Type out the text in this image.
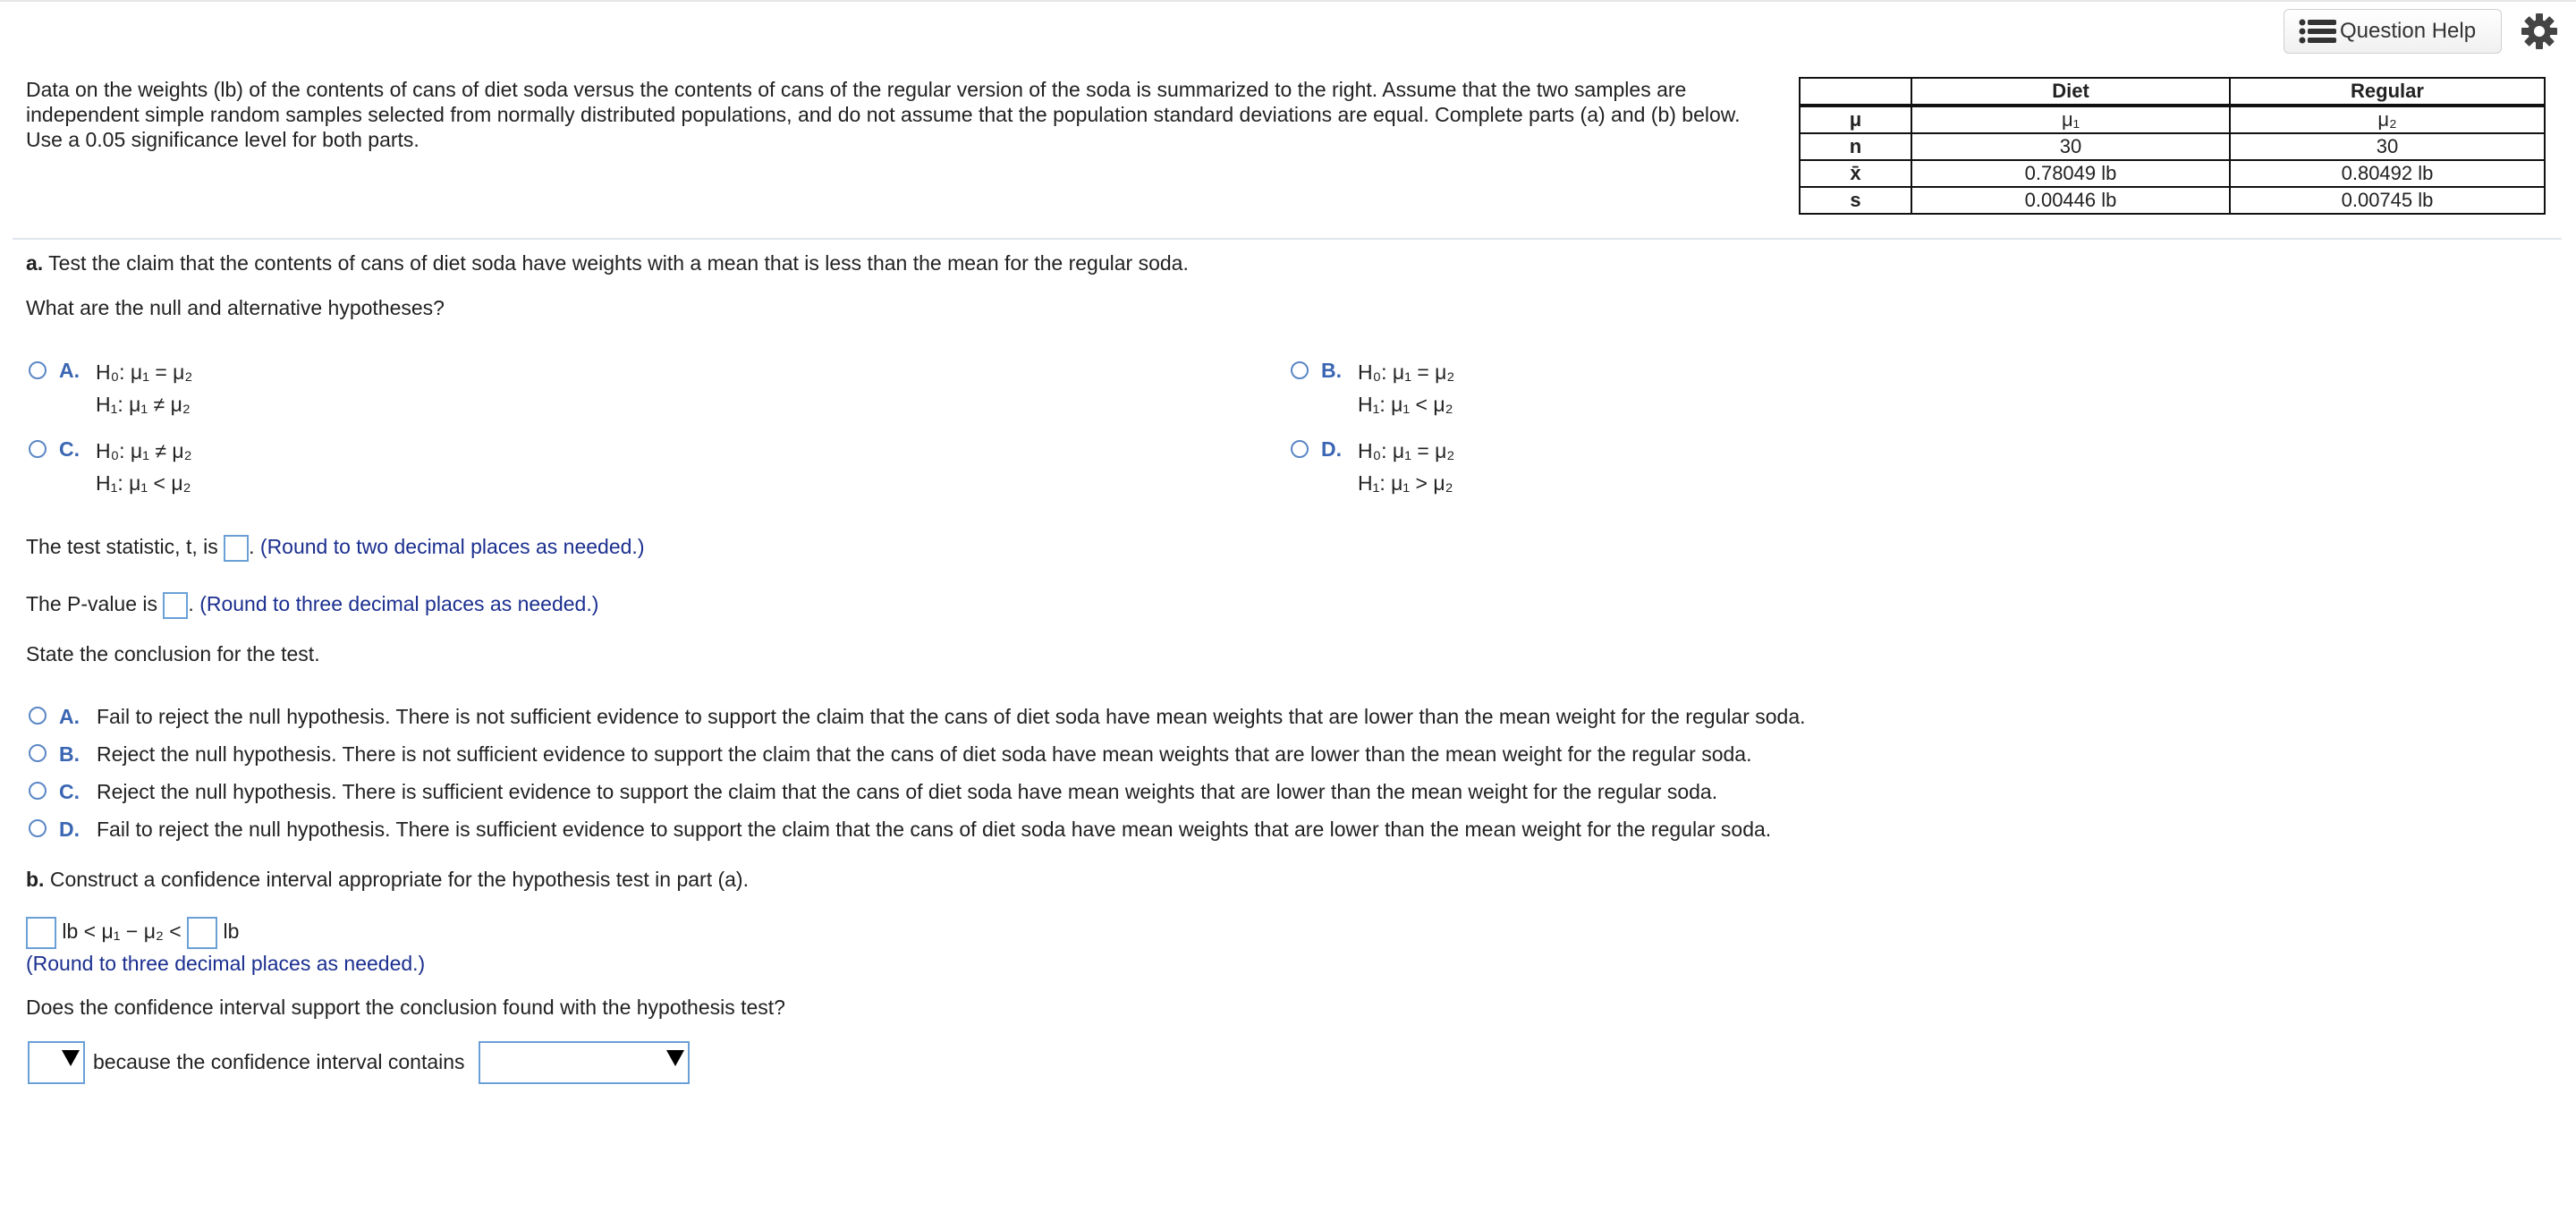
Question Help
Data on the weights (lb) of the contents of cans of diet soda versus the contents of cans of the regular version of the soda is summarized to the right. Assume that the two samples are independent simple random samples selected from normally distributed populations, and do not assume that the population standard deviations are equal. Complete parts (a) and (b) below. Use a 0.05 significance level for both parts.
	Diet	Regular
μ	μ₁	μ₂
n	30	30
x̄	0.78049 lb	0.80492 lb
s	0.00446 lb	0.00745 lb
a. Test the claim that the contents of cans of diet soda have weights with a mean that is less than the mean for the regular soda.
What are the null and alternative hypotheses?
A. H₀: μ₁ = μ₂
H₁: μ₁ ≠ μ₂
B. H₀: μ₁ = μ₂
H₁: μ₁ < μ₂
C. H₀: μ₁ ≠ μ₂
H₁: μ₁ < μ₂
D. H₀: μ₁ = μ₂
H₁: μ₁ > μ₂
The test statistic, t, is . (Round to two decimal places as needed.)
The P-value is . (Round to three decimal places as needed.)
State the conclusion for the test.
A. Fail to reject the null hypothesis. There is not sufficient evidence to support the claim that the cans of diet soda have mean weights that are lower than the mean weight for the regular soda.
B. Reject the null hypothesis. There is not sufficient evidence to support the claim that the cans of diet soda have mean weights that are lower than the mean weight for the regular soda.
C. Reject the null hypothesis. There is sufficient evidence to support the claim that the cans of diet soda have mean weights that are lower than the mean weight for the regular soda.
D. Fail to reject the null hypothesis. There is sufficient evidence to support the claim that the cans of diet soda have mean weights that are lower than the mean weight for the regular soda.
b. Construct a confidence interval appropriate for the hypothesis test in part (a).
lb < μ₁ − μ₂ < lb
(Round to three decimal places as needed.)
Does the confidence interval support the conclusion found with the hypothesis test?
because the confidence interval contains
